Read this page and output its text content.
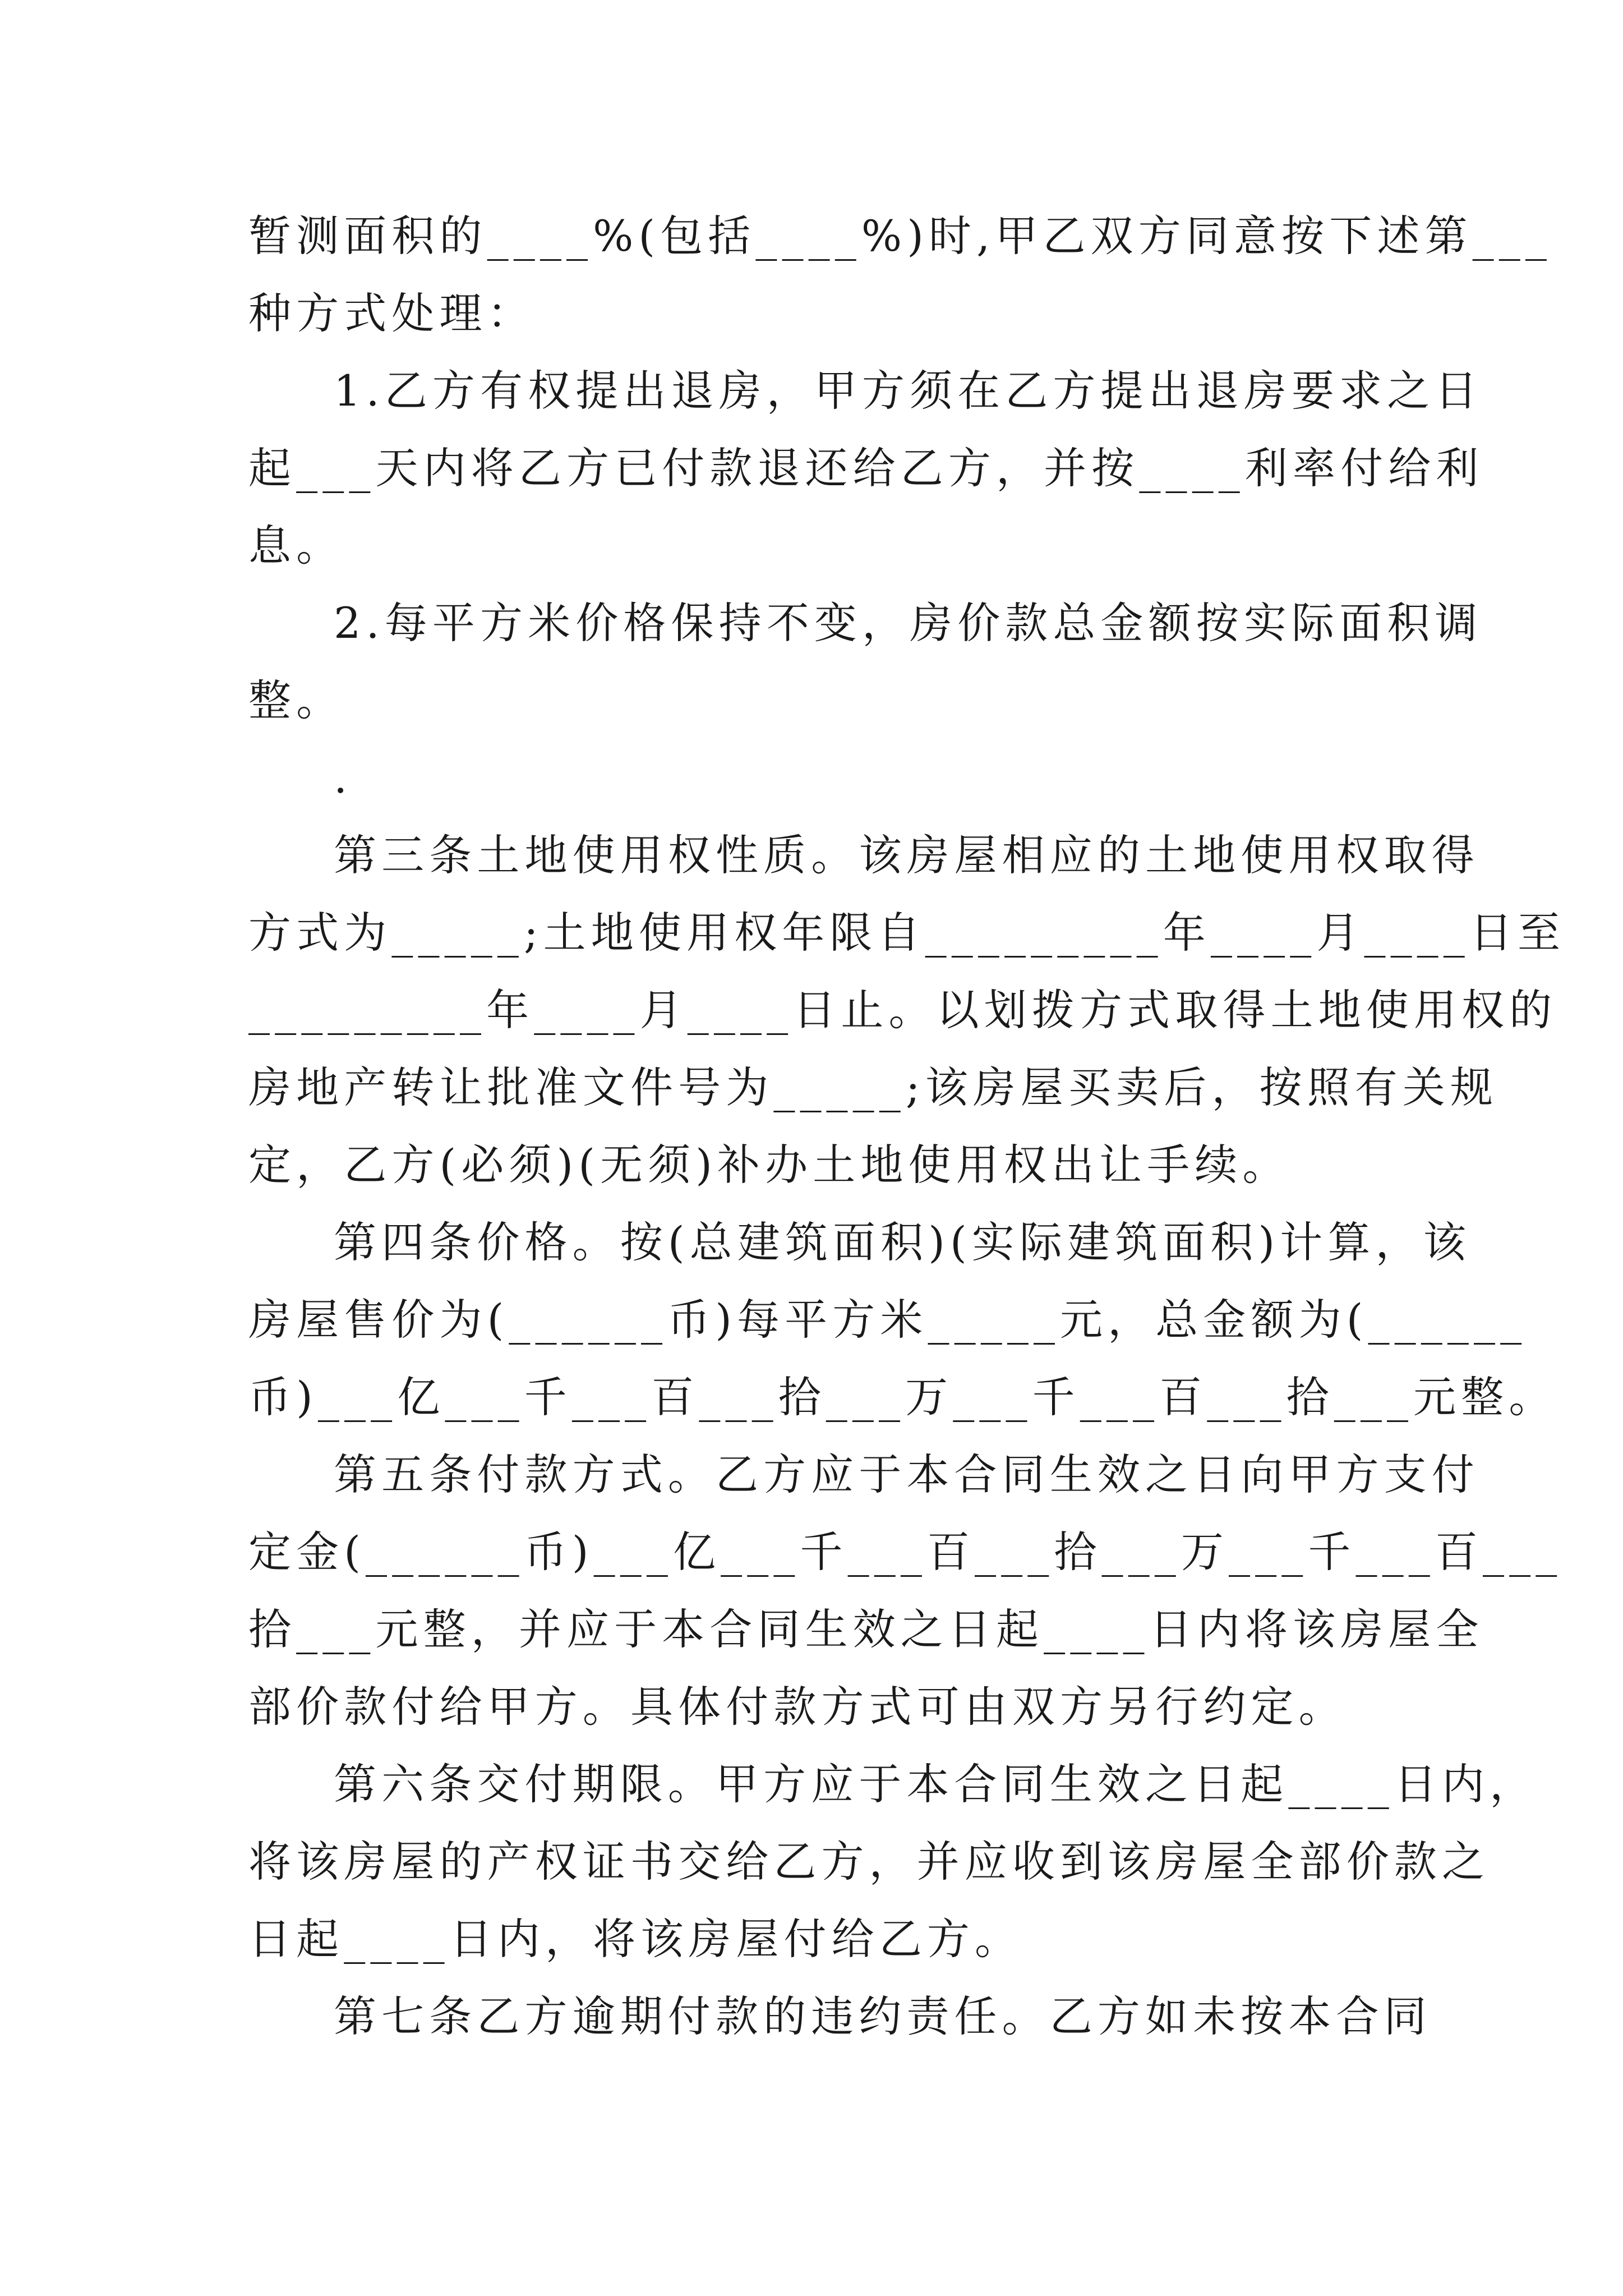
暂测面积的____%(包括____%)时,甲乙双方同意按下述第___
种方式处理：
1.乙方有权提出退房，甲方须在乙方提出退房要求之日
起___天内将乙方已付款退还给乙方，并按____利率付给利
息。
2.每平方米价格保持不变，房价款总金额按实际面积调
整。
.
第三条土地使用权性质。该房屋相应的土地使用权取得
方式为_____;土地使用权年限自_________年____月____日至
_________年____月____日止。以划拨方式取得土地使用权的
房地产转让批准文件号为_____;该房屋买卖后，按照有关规
定，乙方(必须)(无须)补办土地使用权出让手续。
第四条价格。按(总建筑面积)(实际建筑面积)计算，该
房屋售价为(______币)每平方米_____元，总金额为(______
币)___亿___千___百___拾___万___千___百___拾___元整。
第五条付款方式。乙方应于本合同生效之日向甲方支付
定金(______币)___亿___千___百___拾___万___千___百___
拾___元整，并应于本合同生效之日起____日内将该房屋全
部价款付给甲方。具体付款方式可由双方另行约定。
第六条交付期限。甲方应于本合同生效之日起____日内，
将该房屋的产权证书交给乙方，并应收到该房屋全部价款之
日起____日内，将该房屋付给乙方。
第七条乙方逾期付款的违约责任。乙方如未按本合同
